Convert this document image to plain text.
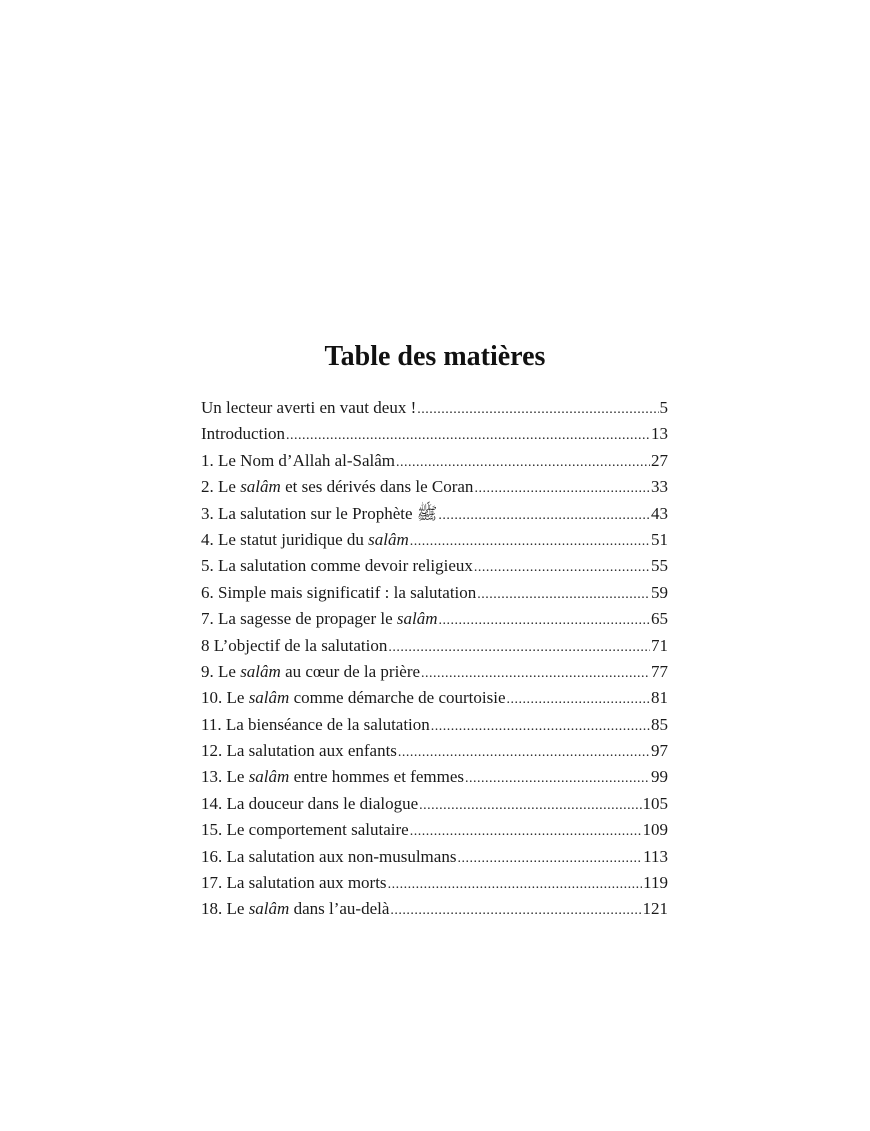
Table des matières
Un lecteur averti en vaut deux ! .....	5
Introduction .....	13
1. Le Nom d’Allah al-Salâm .....	27
2. Le salâm et ses dérivés dans le Coran .....	33
3. La salutation sur le Prophète ﷺ .....	43
4. Le statut juridique du salâm .....	51
5. La salutation comme devoir religieux .....	55
6. Simple mais significatif : la salutation .....	59
7. La sagesse de propager le salâm .....	65
8 L’objectif de la salutation .....	71
9. Le salâm au cœur de la prière .....	77
10. Le salâm comme démarche de courtoisie .....	81
11. La bienséance de la salutation .....	85
12. La salutation aux enfants .....	97
13. Le salâm entre hommes et femmes .....	99
14. La douceur dans le dialogue .....	105
15. Le comportement salutaire .....	109
16. La salutation aux non-musulmans .....	113
17. La salutation aux morts .....	119
18. Le salâm dans l’au-delà .....	121
